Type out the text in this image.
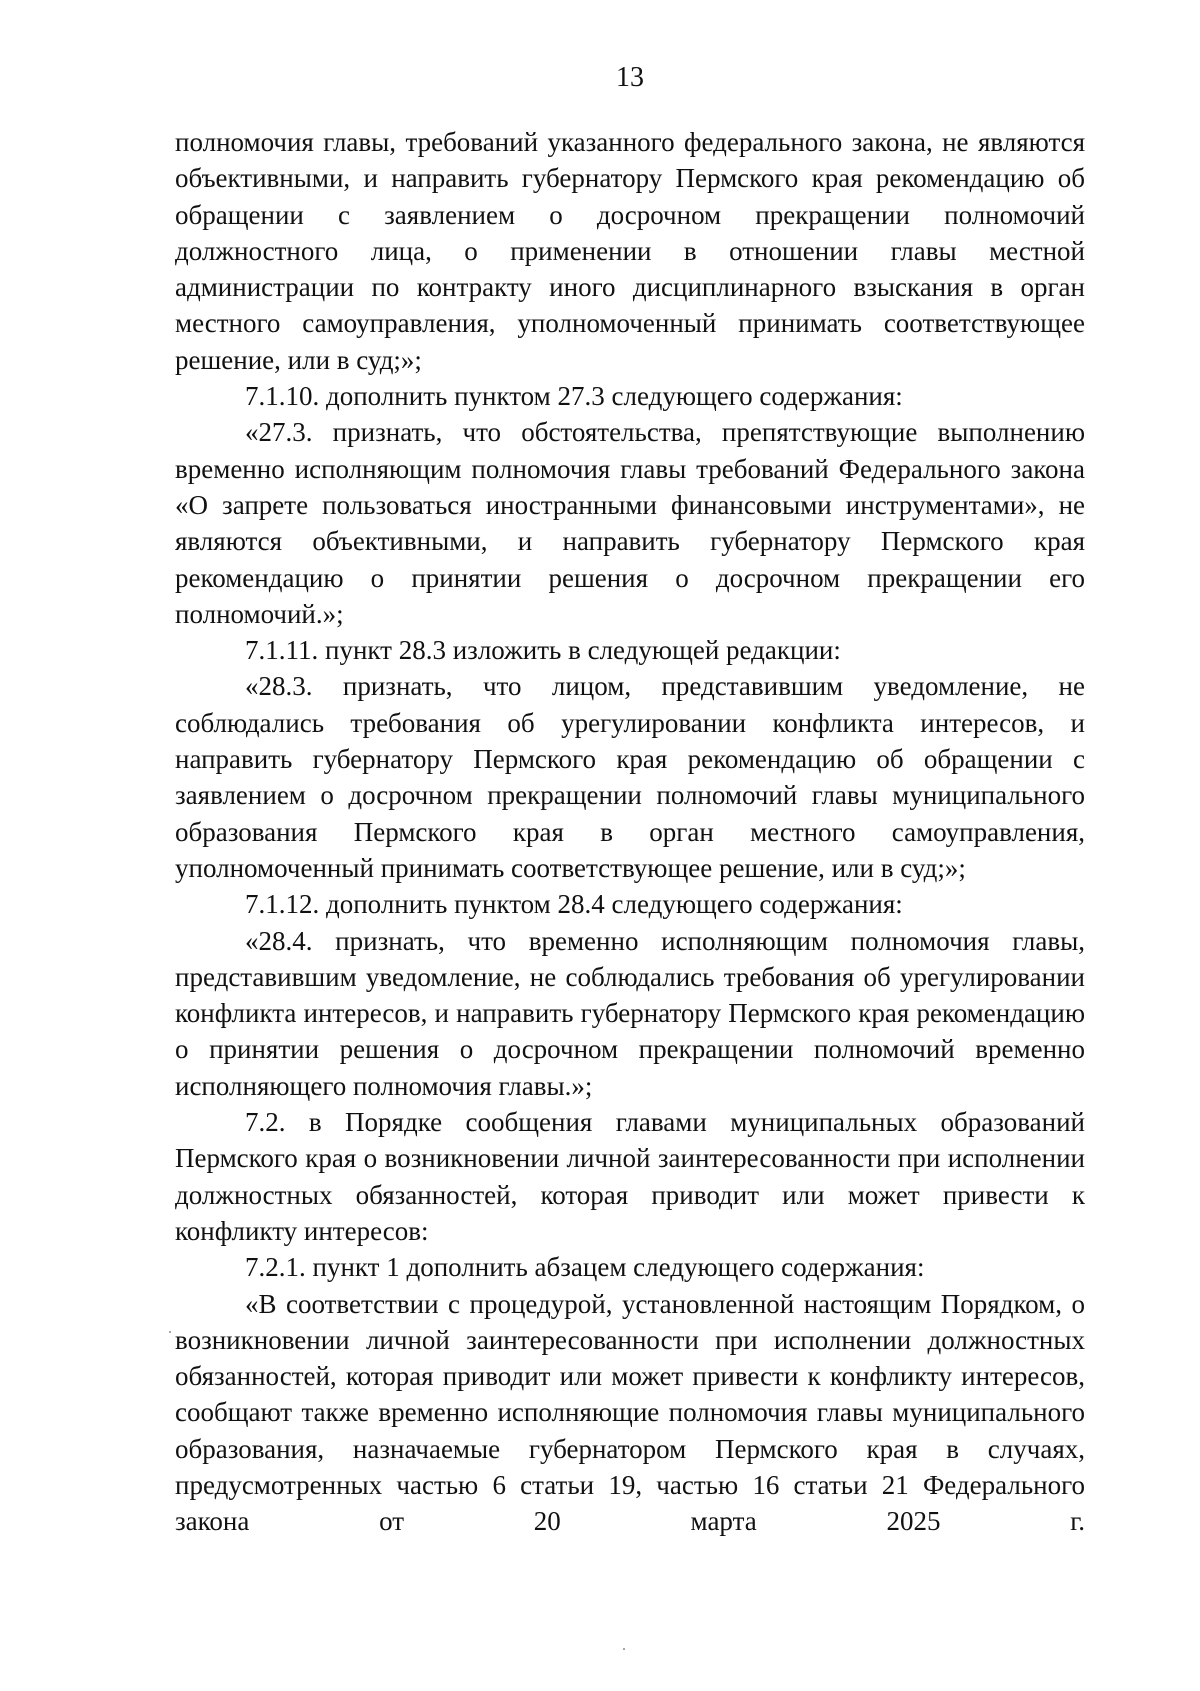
13

полномочия главы, требований указанного федерального закона, не являются объективными, и направить губернатору Пермского края рекомендацию об обращении с заявлением о досрочном прекращении полномочий должностного лица, о применении в отношении главы местной администрации по контракту иного дисциплинарного взыскания в орган местного самоуправления, уполномоченный принимать соответствующее решение, или в суд;»;

7.1.10. дополнить пунктом 27.3 следующего содержания:

«27.3. признать, что обстоятельства, препятствующие выполнению временно исполняющим полномочия главы требований Федерального закона «О запрете пользоваться иностранными финансовыми инструментами», не являются объективными, и направить губернатору Пермского края рекомендацию о принятии решения о досрочном прекращении его полномочий.»;

7.1.11. пункт 28.3 изложить в следующей редакции:

«28.3. признать, что лицом, представившим уведомление, не соблюдались требования об урегулировании конфликта интересов, и направить губернатору Пермского края рекомендацию об обращении с заявлением о досрочном прекращении полномочий главы муниципального образования Пермского края в орган местного самоуправления, уполномоченный принимать соответствующее решение, или в суд;»;

7.1.12. дополнить пунктом 28.4 следующего содержания:

«28.4. признать, что временно исполняющим полномочия главы, представившим уведомление, не соблюдались требования об урегулировании конфликта интересов, и направить губернатору Пермского края рекомендацию о принятии решения о досрочном прекращении полномочий временно исполняющего полномочия главы.»;

7.2. в Порядке сообщения главами муниципальных образований Пермского края о возникновении личной заинтересованности при исполнении должностных обязанностей, которая приводит или может привести к конфликту интересов:

7.2.1. пункт 1 дополнить абзацем следующего содержания:

«В соответствии с процедурой, установленной настоящим Порядком, о возникновении личной заинтересованности при исполнении должностных обязанностей, которая приводит или может привести к конфликту интересов, сообщают также временно исполняющие полномочия главы муниципального образования, назначаемые губернатором Пермского края в случаях, предусмотренных частью 6 статьи 19, частью 16 статьи 21 Федерального закона от 20 марта 2025 г.
